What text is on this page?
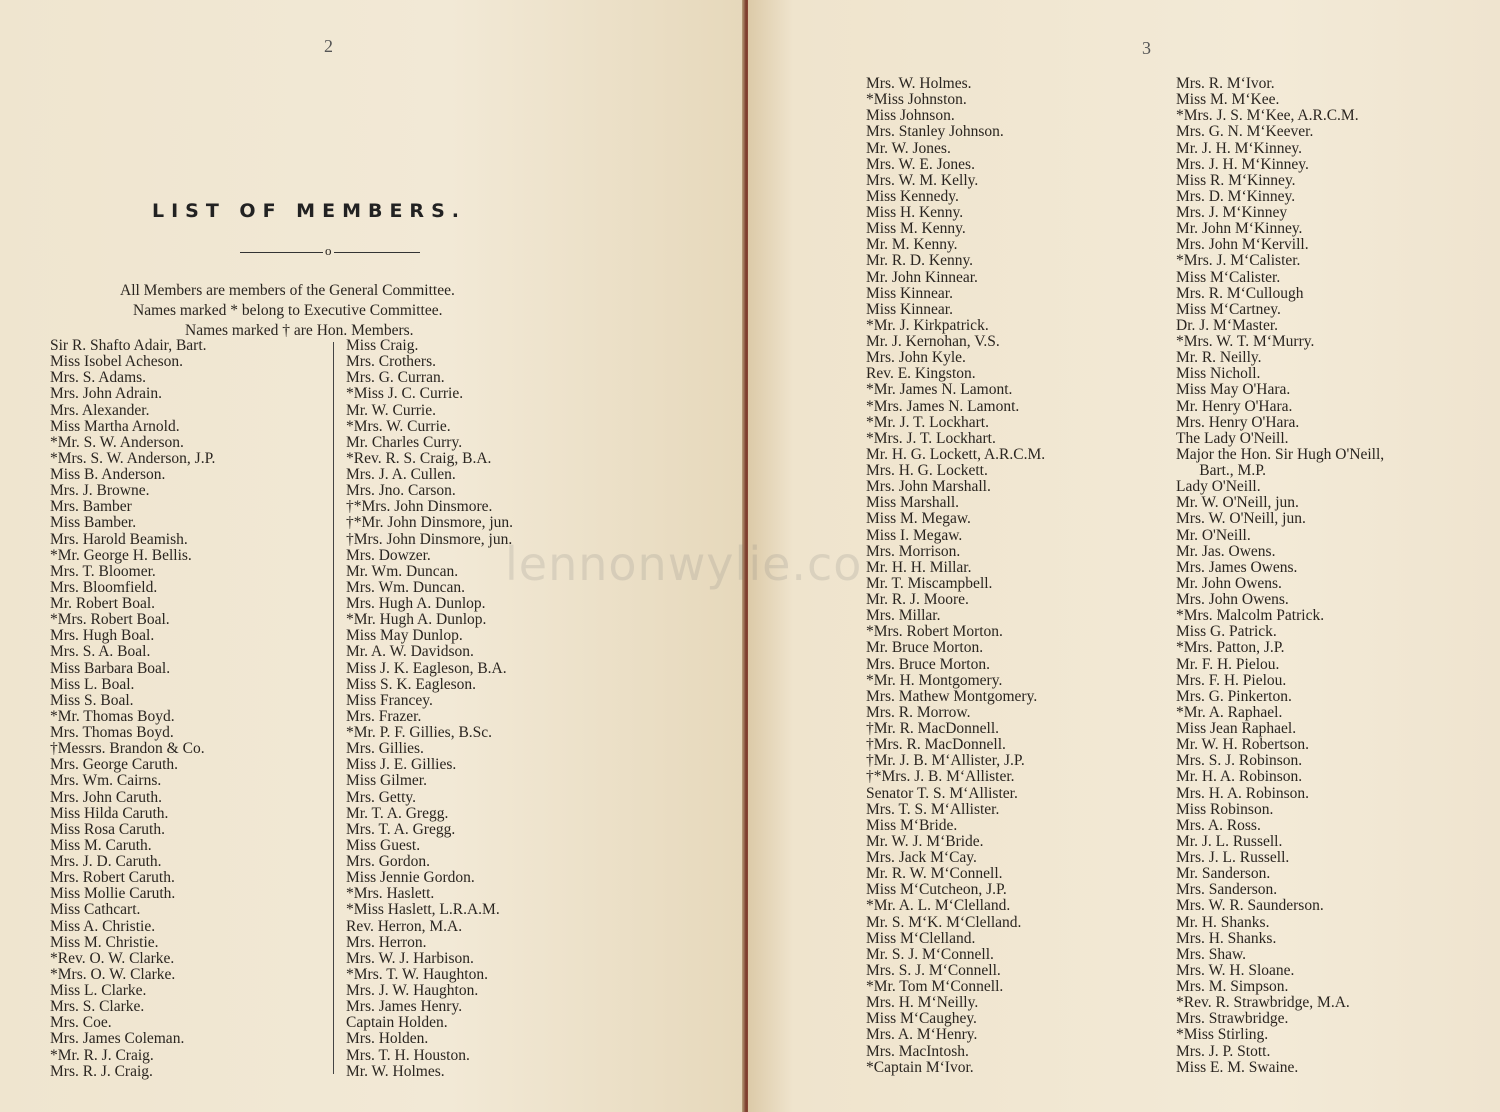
2
LIST OF MEMBERS.
o
All Members are members of the General Committee.
Names marked * belong to Executive Committee.
Names marked † are Hon. Members.
Sir R. Shafto Adair, Bart.
Miss Isobel Acheson.
Mrs. S. Adams.
Mrs. John Adrain.
Mrs. Alexander.
Miss Martha Arnold.
*Mr. S. W. Anderson.
*Mrs. S. W. Anderson, J.P.
Miss B. Anderson.
Mrs. J. Browne.
Mrs. Bamber
Miss Bamber.
Mrs. Harold Beamish.
*Mr. George H. Bellis.
Mrs. T. Bloomer.
Mrs. Bloomfield.
Mr. Robert Boal.
*Mrs. Robert Boal.
Mrs. Hugh Boal.
Mrs. S. A. Boal.
Miss Barbara Boal.
Miss L. Boal.
Miss S. Boal.
*Mr. Thomas Boyd.
Mrs. Thomas Boyd.
†Messrs. Brandon & Co.
Mrs. George Caruth.
Mrs. Wm. Cairns.
Mrs. John Caruth.
Miss Hilda Caruth.
Miss Rosa Caruth.
Miss M. Caruth.
Mrs. J. D. Caruth.
Mrs. Robert Caruth.
Miss Mollie Caruth.
Miss Cathcart.
Miss A. Christie.
Miss M. Christie.
*Rev. O. W. Clarke.
*Mrs. O. W. Clarke.
Miss L. Clarke.
Mrs. S. Clarke.
Mrs. Coe.
Mrs. James Coleman.
*Mr. R. J. Craig.
Mrs. R. J. Craig.
Miss Craig.
Mrs. Crothers.
Mrs. G. Curran.
*Miss J. C. Currie.
Mr. W. Currie.
*Mrs. W. Currie.
Mr. Charles Curry.
*Rev. R. S. Craig, B.A.
Mrs. J. A. Cullen.
Mrs. Jno. Carson.
†*Mrs. John Dinsmore.
†*Mr. John Dinsmore, jun.
†Mrs. John Dinsmore, jun.
Mrs. Dowzer.
Mr. Wm. Duncan.
Mrs. Wm. Duncan.
Mrs. Hugh A. Dunlop.
*Mr. Hugh A. Dunlop.
Miss May Dunlop.
Mr. A. W. Davidson.
Miss J. K. Eagleson, B.A.
Miss S. K. Eagleson.
Miss Francey.
Mrs. Frazer.
*Mr. P. F. Gillies, B.Sc.
Mrs. Gillies.
Miss J. E. Gillies.
Miss Gilmer.
Mrs. Getty.
Mr. T. A. Gregg.
Mrs. T. A. Gregg.
Miss Guest.
Mrs. Gordon.
Miss Jennie Gordon.
*Mrs. Haslett.
*Miss Haslett, L.R.A.M.
Rev. Herron, M.A.
Mrs. Herron.
Mrs. W. J. Harbison.
*Mrs. T. W. Haughton.
Mrs. J. W. Haughton.
Mrs. James Henry.
Captain Holden.
Mrs. Holden.
Mrs. T. H. Houston.
Mr. W. Holmes.
3
Mrs. W. Holmes.
*Miss Johnston.
Miss Johnson.
Mrs. Stanley Johnson.
Mr. W. Jones.
Mrs. W. E. Jones.
Mrs. W. M. Kelly.
Miss Kennedy.
Miss H. Kenny.
Miss M. Kenny.
Mr. M. Kenny.
Mr. R. D. Kenny.
Mr. John Kinnear.
Miss Kinnear.
Miss Kinnear.
*Mr. J. Kirkpatrick.
Mr. J. Kernohan, V.S.
Mrs. John Kyle.
Rev. E. Kingston.
*Mr. James N. Lamont.
*Mrs. James N. Lamont.
*Mr. J. T. Lockhart.
*Mrs. J. T. Lockhart.
Mr. H. G. Lockett, A.R.C.M.
Mrs. H. G. Lockett.
Mrs. John Marshall.
Miss Marshall.
Miss M. Megaw.
Miss I. Megaw.
Mrs. Morrison.
Mr. H. H. Millar.
Mr. T. Miscampbell.
Mr. R. J. Moore.
Mrs. Millar.
*Mrs. Robert Morton.
Mr. Bruce Morton.
Mrs. Bruce Morton.
*Mr. H. Montgomery.
Mrs. Mathew Montgomery.
Mrs. R. Morrow.
†Mr. R. MacDonnell.
†Mrs. R. MacDonnell.
†Mr. J. B. M‘Allister, J.P.
†*Mrs. J. B. M‘Allister.
Senator T. S. M‘Allister.
Mrs. T. S. M‘Allister.
Miss M‘Bride.
Mr. W. J. M‘Bride.
Mrs. Jack M‘Cay.
Mr. R. W. M‘Connell.
Miss M‘Cutcheon, J.P.
*Mr. A. L. M‘Clelland.
Mr. S. M‘K. M‘Clelland.
Miss M‘Clelland.
Mr. S. J. M‘Connell.
Mrs. S. J. M‘Connell.
*Mr. Tom M‘Connell.
Mrs. H. M‘Neilly.
Miss M‘Caughey.
Mrs. A. M‘Henry.
Mrs. MacIntosh.
*Captain M‘Ivor.
Mrs. R. M‘Ivor.
Miss M. M‘Kee.
*Mrs. J. S. M‘Kee, A.R.C.M.
Mrs. G. N. M‘Keever.
Mr. J. H. M‘Kinney.
Mrs. J. H. M‘Kinney.
Miss R. M‘Kinney.
Mrs. D. M‘Kinney.
Mrs. J. M‘Kinney
Mr. John M‘Kinney.
Mrs. John M‘Kervill.
*Mrs. J. M‘Calister.
Miss M‘Calister.
Mrs. R. M‘Cullough
Miss M‘Cartney.
Dr. J. M‘Master.
*Mrs. W. T. M‘Murry.
Mr. R. Neilly.
Miss Nicholl.
Miss May O'Hara.
Mr. Henry O'Hara.
Mrs. Henry O'Hara.
The Lady O'Neill.
Major the Hon. Sir Hugh O'Neill,
Bart., M.P.
Lady O'Neill.
Mr. W. O'Neill, jun.
Mrs. W. O'Neill, jun.
Mr. O'Neill.
Mr. Jas. Owens.
Mrs. James Owens.
Mr. John Owens.
Mrs. John Owens.
*Mrs. Malcolm Patrick.
Miss G. Patrick.
*Mrs. Patton, J.P.
Mr. F. H. Pielou.
Mrs. F. H. Pielou.
Mrs. G. Pinkerton.
*Mr. A. Raphael.
Miss Jean Raphael.
Mr. W. H. Robertson.
Mrs. S. J. Robinson.
Mr. H. A. Robinson.
Mrs. H. A. Robinson.
Miss Robinson.
Mrs. A. Ross.
Mr. J. L. Russell.
Mrs. J. L. Russell.
Mr. Sanderson.
Mrs. Sanderson.
Mrs. W. R. Saunderson.
Mr. H. Shanks.
Mrs. H. Shanks.
Mrs. Shaw.
Mrs. W. H. Sloane.
Mrs. M. Simpson.
*Rev. R. Strawbridge, M.A.
Mrs. Strawbridge.
*Miss Stirling.
Mrs. J. P. Stott.
Miss E. M. Swaine.
lennonwylie.co
